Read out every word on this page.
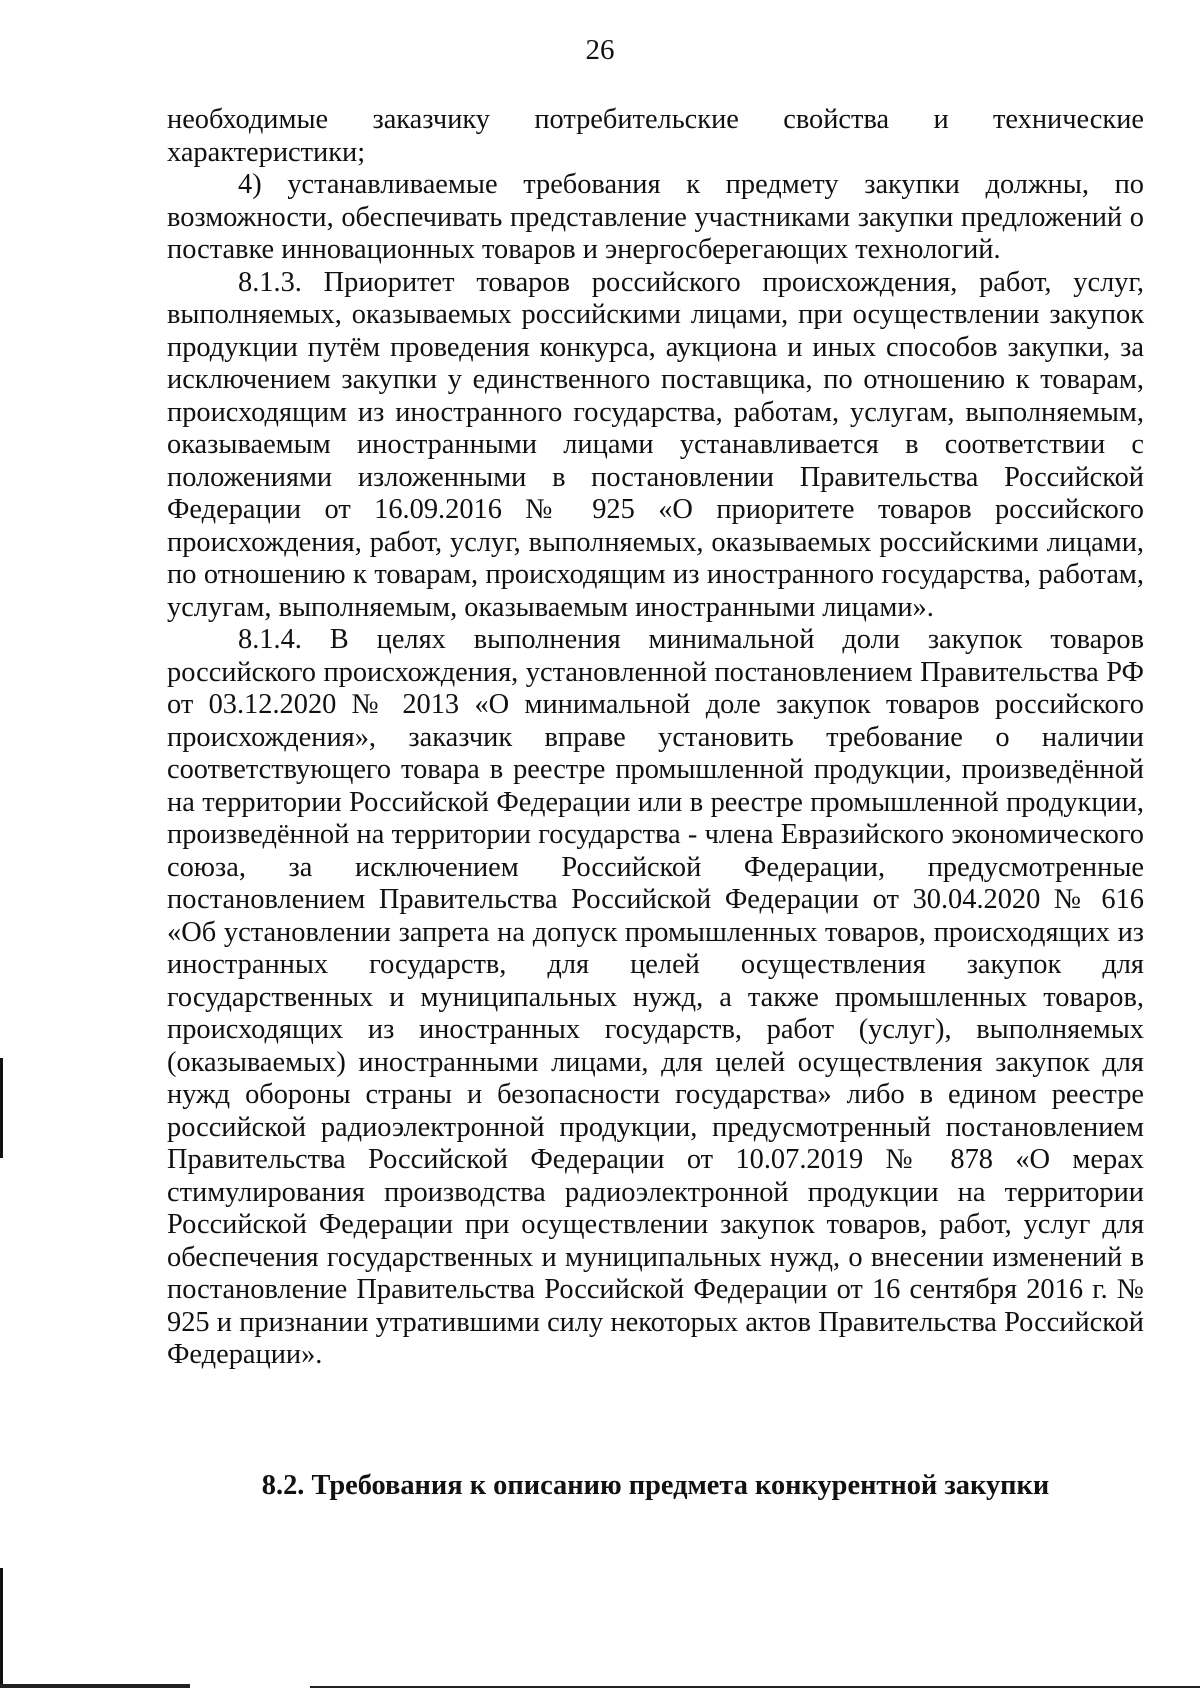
26

необходимые заказчику потребительские свойства и технические характеристики;

4) устанавливаемые требования к предмету закупки должны, по возможности, обеспечивать представление участниками закупки предложений о поставке инновационных товаров и энергосберегающих технологий.

8.1.3. Приоритет товаров российского происхождения, работ, услуг, выполняемых, оказываемых российскими лицами, при осуществлении закупок продукции путём проведения конкурса, аукциона и иных способов закупки, за исключением закупки у единственного поставщика, по отношению к товарам, происходящим из иностранного государства, работам, услугам, выполняемым, оказываемым иностранными лицами устанавливается в соответствии с положениями изложенными в постановлении Правительства Российской Федерации от 16.09.2016 № 925 «О приоритете товаров российского происхождения, работ, услуг, выполняемых, оказываемых российскими лицами, по отношению к товарам, происходящим из иностранного государства, работам, услугам, выполняемым, оказываемым иностранными лицами».

8.1.4. В целях выполнения минимальной доли закупок товаров российского происхождения, установленной постановлением Правительства РФ от 03.12.2020 № 2013 «О минимальной доле закупок товаров российского происхождения», заказчик вправе установить требование о наличии соответствующего товара в реестре промышленной продукции, произведённой на территории Российской Федерации или в реестре промышленной продукции, произведённой на территории государства - члена Евразийского экономического союза, за исключением Российской Федерации, предусмотренные постановлением Правительства Российской Федерации от 30.04.2020 № 616 «Об установлении запрета на допуск промышленных товаров, происходящих из иностранных государств, для целей осуществления закупок для государственных и муниципальных нужд, а также промышленных товаров, происходящих из иностранных государств, работ (услуг), выполняемых (оказываемых) иностранными лицами, для целей осуществления закупок для нужд обороны страны и безопасности государства» либо в едином реестре российской радиоэлектронной продукции, предусмотренный постановлением Правительства Российской Федерации от 10.07.2019 № 878 «О мерах стимулирования производства радиоэлектронной продукции на территории Российской Федерации при осуществлении закупок товаров, работ, услуг для обеспечения государственных и муниципальных нужд, о внесении изменений в постановление Правительства Российской Федерации от 16 сентября 2016 г. № 925 и признании утратившими силу некоторых актов Правительства Российской Федерации».

8.2. Требования к описанию предмета конкурентной закупки
